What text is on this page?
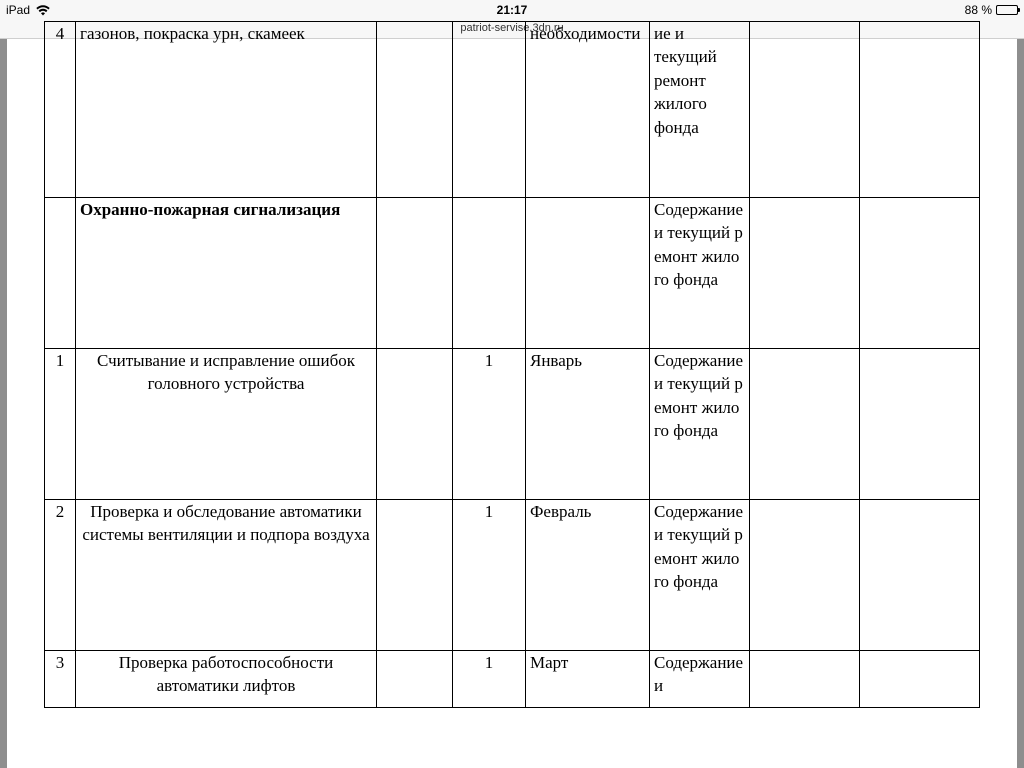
iPad	21:17	88 %
patriot-servise.3dn.ru
4	газонов, покраска урн, скамеек			необходимости	ие и текущий ремонт жилого фонда		
	Охранно-пожарная сигнализация				Содержание и текущий ремонт жилого фонда		
1	Считывание и исправление ошибок головного устройства		1	Январь	Содержание и текущий ремонт жилого фонда		
2	Проверка и обследование автоматики системы вентиляции и подпора воздуха		1	Февраль	Содержание и текущий ремонт жилого фонда		
3	Проверка работоспособности автоматики лифтов		1	Март	Содержание и		
